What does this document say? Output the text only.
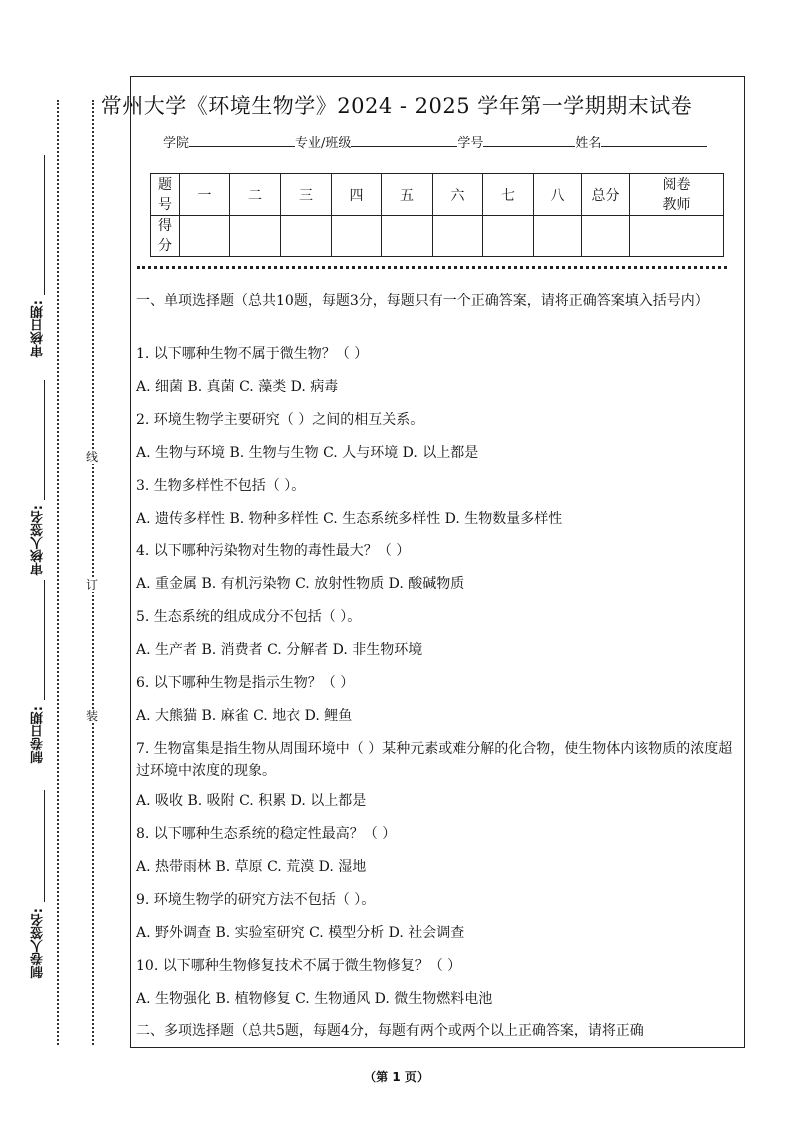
审核日期:
审核人签名:
制卷日期:
制卷人签名:
线
订
装
常州大学《环境生物学》2024 - 2025 学年第一学期期末试卷
学院	专业/班级	学号	姓名
题
号	一	二	三	四	五	六	七	八	总分	阅卷
教师
得
分										
一、单项选择题（总共10题，每题3分，每题只有一个正确答案，请将正确答案填入括号内）
1. 以下哪种生物不属于微生物？（ ）
A. 细菌 B. 真菌 C. 藻类 D. 病毒
2. 环境生物学主要研究（ ）之间的相互关系。
A. 生物与环境 B. 生物与生物 C. 人与环境 D. 以上都是
3. 生物多样性不包括（ ）。
A. 遗传多样性 B. 物种多样性 C. 生态系统多样性 D. 生物数量多样性
4. 以下哪种污染物对生物的毒性最大？（ ）
A. 重金属 B. 有机污染物 C. 放射性物质 D. 酸碱物质
5. 生态系统的组成成分不包括（ ）。
A. 生产者 B. 消费者 C. 分解者 D. 非生物环境
6. 以下哪种生物是指示生物？（ ）
A. 大熊猫 B. 麻雀 C. 地衣 D. 鲤鱼
7. 生物富集是指生物从周围环境中（ ）某种元素或难分解的化合物，使生物体内该物质的浓度超过环境中浓度的现象。
A. 吸收 B. 吸附 C. 积累 D. 以上都是
8. 以下哪种生态系统的稳定性最高？（ ）
A. 热带雨林 B. 草原 C. 荒漠 D. 湿地
9. 环境生物学的研究方法不包括（ ）。
A. 野外调查 B. 实验室研究 C. 模型分析 D. 社会调查
10. 以下哪种生物修复技术不属于微生物修复？（ ）
A. 生物强化 B. 植物修复 C. 生物通风 D. 微生物燃料电池
二、多项选择题（总共5题，每题4分，每题有两个或两个以上正确答案，请将正确
（第 1 页）
